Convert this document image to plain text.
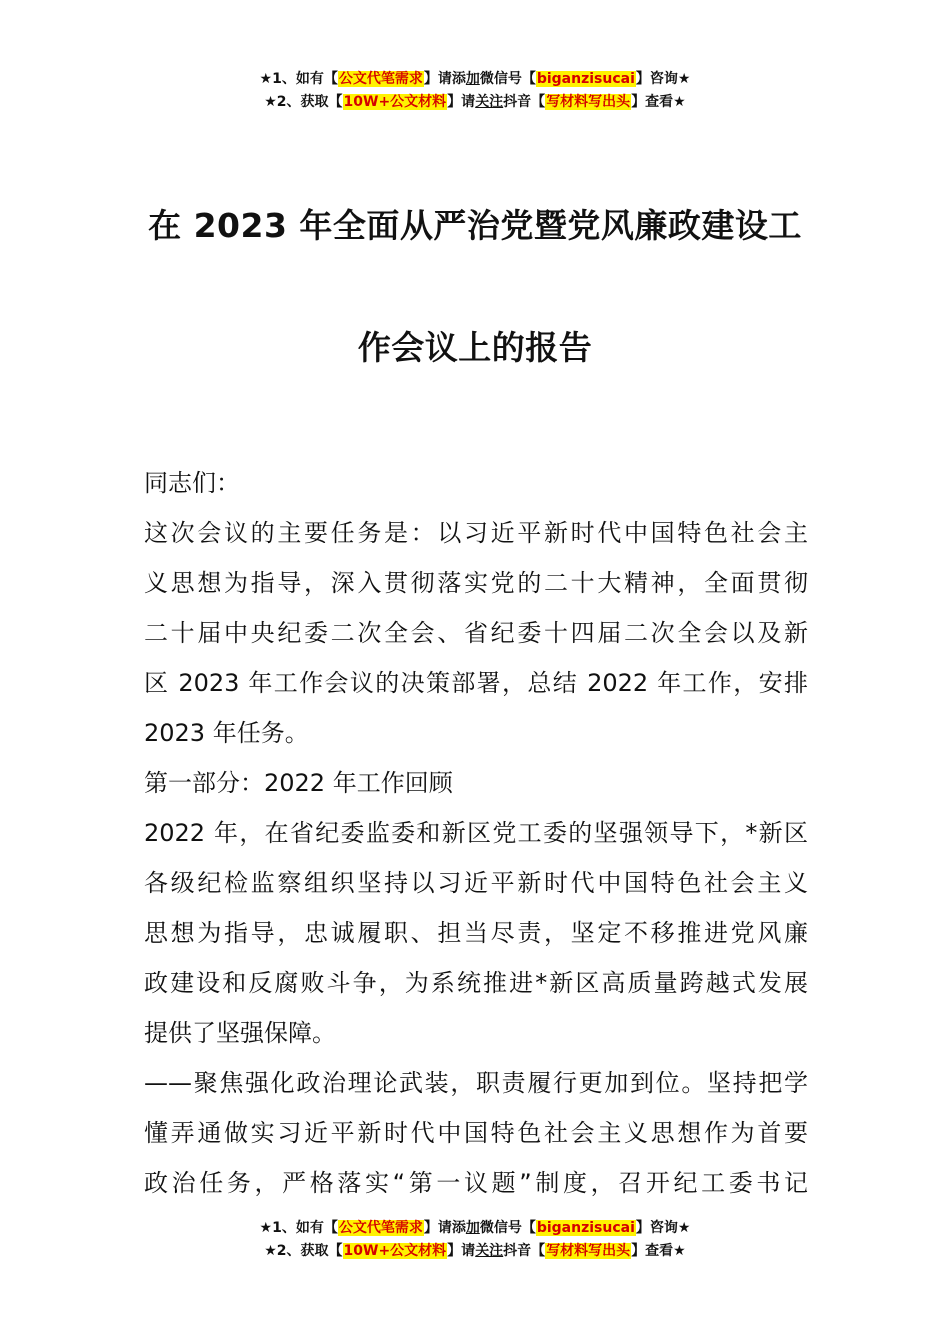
★1、如有【公文代笔需求】请添加微信号【biganzisucai】咨询★
★2、获取【10W+公文材料】请关注抖音【写材料写出头】查看★
在 2023 年全面从严治党暨党风廉政建设工
作会议上的报告
同志们：
这次会议的主要任务是：以习近平新时代中国特色社会主
义思想为指导，深入贯彻落实党的二十大精神，全面贯彻
二十届中央纪委二次全会、省纪委十四届二次全会以及新
区 2023 年工作会议的决策部署，总结 2022 年工作，安排
2023 年任务。
第一部分：2022 年工作回顾
2022 年，在省纪委监委和新区党工委的坚强领导下，*新区
各级纪检监察组织坚持以习近平新时代中国特色社会主义
思想为指导，忠诚履职、担当尽责，坚定不移推进党风廉
政建设和反腐败斗争，为系统推进*新区高质量跨越式发展
提供了坚强保障。
——聚焦强化政治理论武装，职责履行更加到位。坚持把学
懂弄通做实习近平新时代中国特色社会主义思想作为首要
政治任务，严格落实“第一议题”制度，召开纪工委书记
★1、如有【公文代笔需求】请添加微信号【biganzisucai】咨询★
★2、获取【10W+公文材料】请关注抖音【写材料写出头】查看★
